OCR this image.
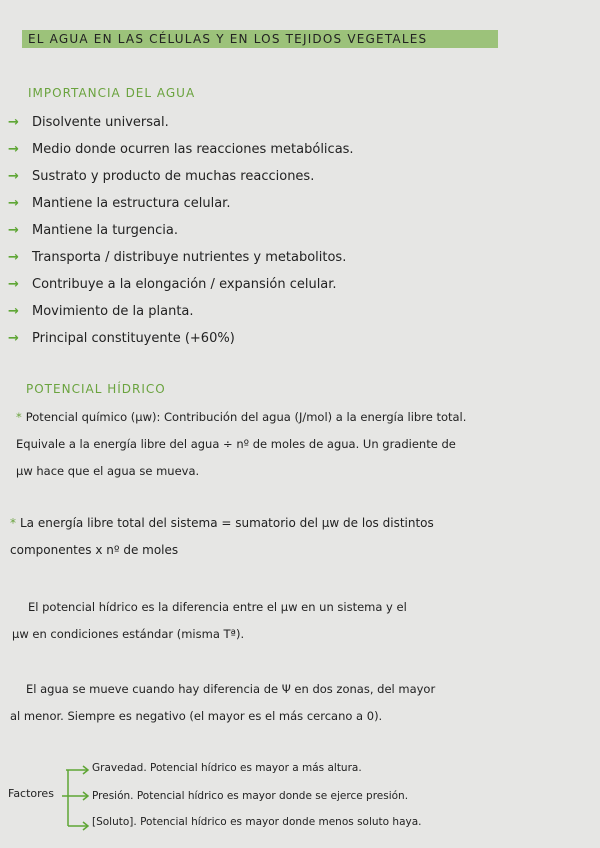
EL AGUA EN LAS CÉLULAS Y EN LOS TEJIDOS VEGETALES
IMPORTANCIA DEL AGUA
→	Disolvente universal.
→	Medio donde ocurren las reacciones metabólicas.
→	Sustrato y producto de muchas reacciones.
→	Mantiene la estructura celular.
→	Mantiene la turgencia.
→	Transporta / distribuye nutrientes y metabolitos.
→	Contribuye a la elongación / expansión celular.
→	Movimiento de la planta.
→	Principal constituyente (+60%)
POTENCIAL HÍDRICO
* Potencial químico (μw): Contribución del agua (J/mol) a la energía libre total.
Equivale a la energía libre del agua ÷ nº de moles de agua. Un gradiente de
μw hace que el agua se mueva.
* La energía libre total del sistema = sumatorio del μw de los distintos
componentes x nº de moles
El potencial hídrico es la diferencia entre el μw en un sistema y el
μw en condiciones estándar (misma Tª).
El agua se mueve cuando hay diferencia de Ψ en dos zonas, del mayor
al menor. Siempre es negativo (el mayor es el más cercano a 0).
Factores
Gravedad. Potencial hídrico es mayor a más altura.
Presión. Potencial hídrico es mayor donde se ejerce presión.
[Soluto]. Potencial hídrico es mayor donde menos soluto haya.
